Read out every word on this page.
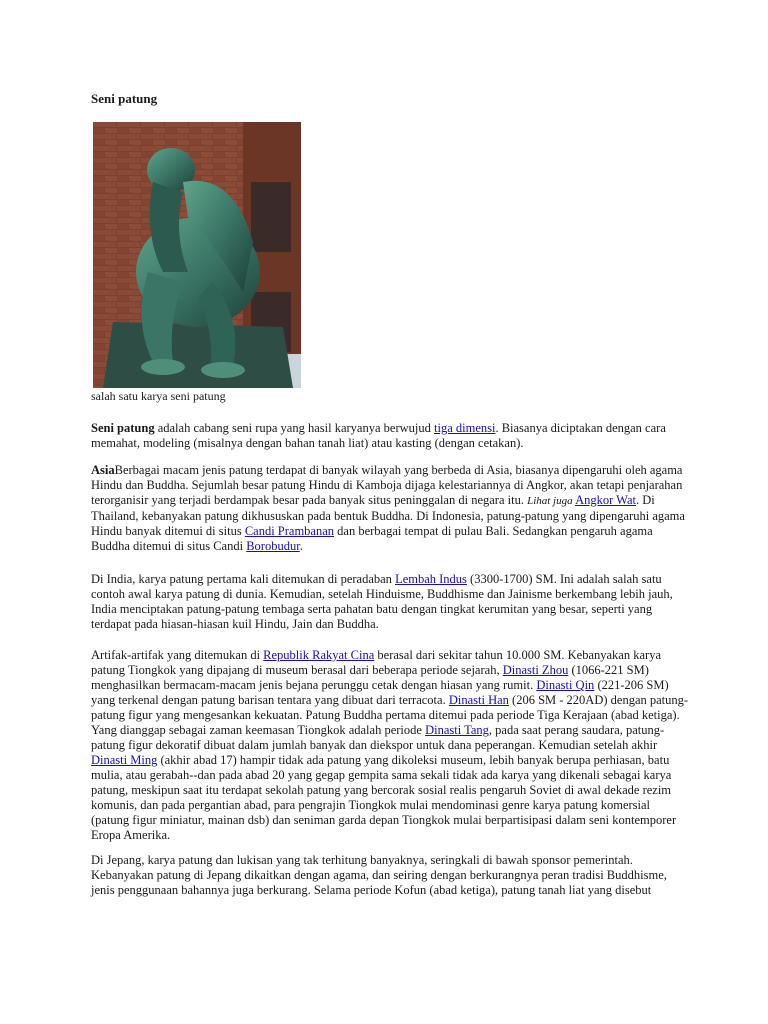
Seni patung
salah satu karya seni patung

Seni patung adalah cabang seni rupa yang hasil karyanya berwujud tiga dimensi. Biasanya diciptakan dengan cara memahat, modeling (misalnya dengan bahan tanah liat) atau kasting (dengan cetakan).

AsiaBerbagai macam jenis patung terdapat di banyak wilayah yang berbeda di Asia, biasanya dipengaruhi oleh agama Hindu dan Buddha. Sejumlah besar patung Hindu di Kamboja dijaga kelestariannya di Angkor, akan tetapi penjarahan terorganisir yang terjadi berdampak besar pada banyak situs peninggalan di negara itu. Lihat juga Angkor Wat. Di Thailand, kebanyakan patung dikhususkan pada bentuk Buddha. Di Indonesia, patung-patung yang dipengaruhi agama Hindu banyak ditemui di situs Candi Prambanan dan berbagai tempat di pulau Bali. Sedangkan pengaruh agama Buddha ditemui di situs Candi Borobudur.

Di India, karya patung pertama kali ditemukan di peradaban Lembah Indus (3300-1700) SM. Ini adalah salah satu contoh awal karya patung di dunia. Kemudian, setelah Hinduisme, Buddhisme dan Jainisme berkembang lebih jauh, India menciptakan patung-patung tembaga serta pahatan batu dengan tingkat kerumitan yang besar, seperti yang terdapat pada hiasan-hiasan kuil Hindu, Jain dan Buddha.

Artifak-artifak yang ditemukan di Republik Rakyat Cina berasal dari sekitar tahun 10.000 SM. Kebanyakan karya patung Tiongkok yang dipajang di museum berasal dari beberapa periode sejarah, Dinasti Zhou (1066-221 SM) menghasilkan bermacam-macam jenis bejana perunggu cetak dengan hiasan yang rumit. Dinasti Qin (221-206 SM) yang terkenal dengan patung barisan tentara yang dibuat dari terracota. Dinasti Han (206 SM - 220AD) dengan patung-patung figur yang mengesankan kekuatan. Patung Buddha pertama ditemui pada periode Tiga Kerajaan (abad ketiga). Yang dianggap sebagai zaman keemasan Tiongkok adalah periode Dinasti Tang, pada saat perang saudara, patung-patung figur dekoratif dibuat dalam jumlah banyak dan diekspor untuk dana peperangan. Kemudian setelah akhir Dinasti Ming (akhir abad 17) hampir tidak ada patung yang dikoleksi museum, lebih banyak berupa perhiasan, batu mulia, atau gerabah--dan pada abad 20 yang gegap gempita sama sekali tidak ada karya yang dikenali sebagai karya patung, meskipun saat itu terdapat sekolah patung yang bercorak sosial realis pengaruh Soviet di awal dekade rezim komunis, dan pada pergantian abad, para pengrajin Tiongkok mulai mendominasi genre karya patung komersial (patung figur miniatur, mainan dsb) dan seniman garda depan Tiongkok mulai berpartisipasi dalam seni kontemporer Eropa Amerika.

Di Jepang, karya patung dan lukisan yang tak terhitung banyaknya, seringkali di bawah sponsor pemerintah. Kebanyakan patung di Jepang dikaitkan dengan agama, dan seiring dengan berkurangnya peran tradisi Buddhisme, jenis penggunaan bahannya juga berkurang. Selama periode Kofun (abad ketiga), patung tanah liat yang disebut
